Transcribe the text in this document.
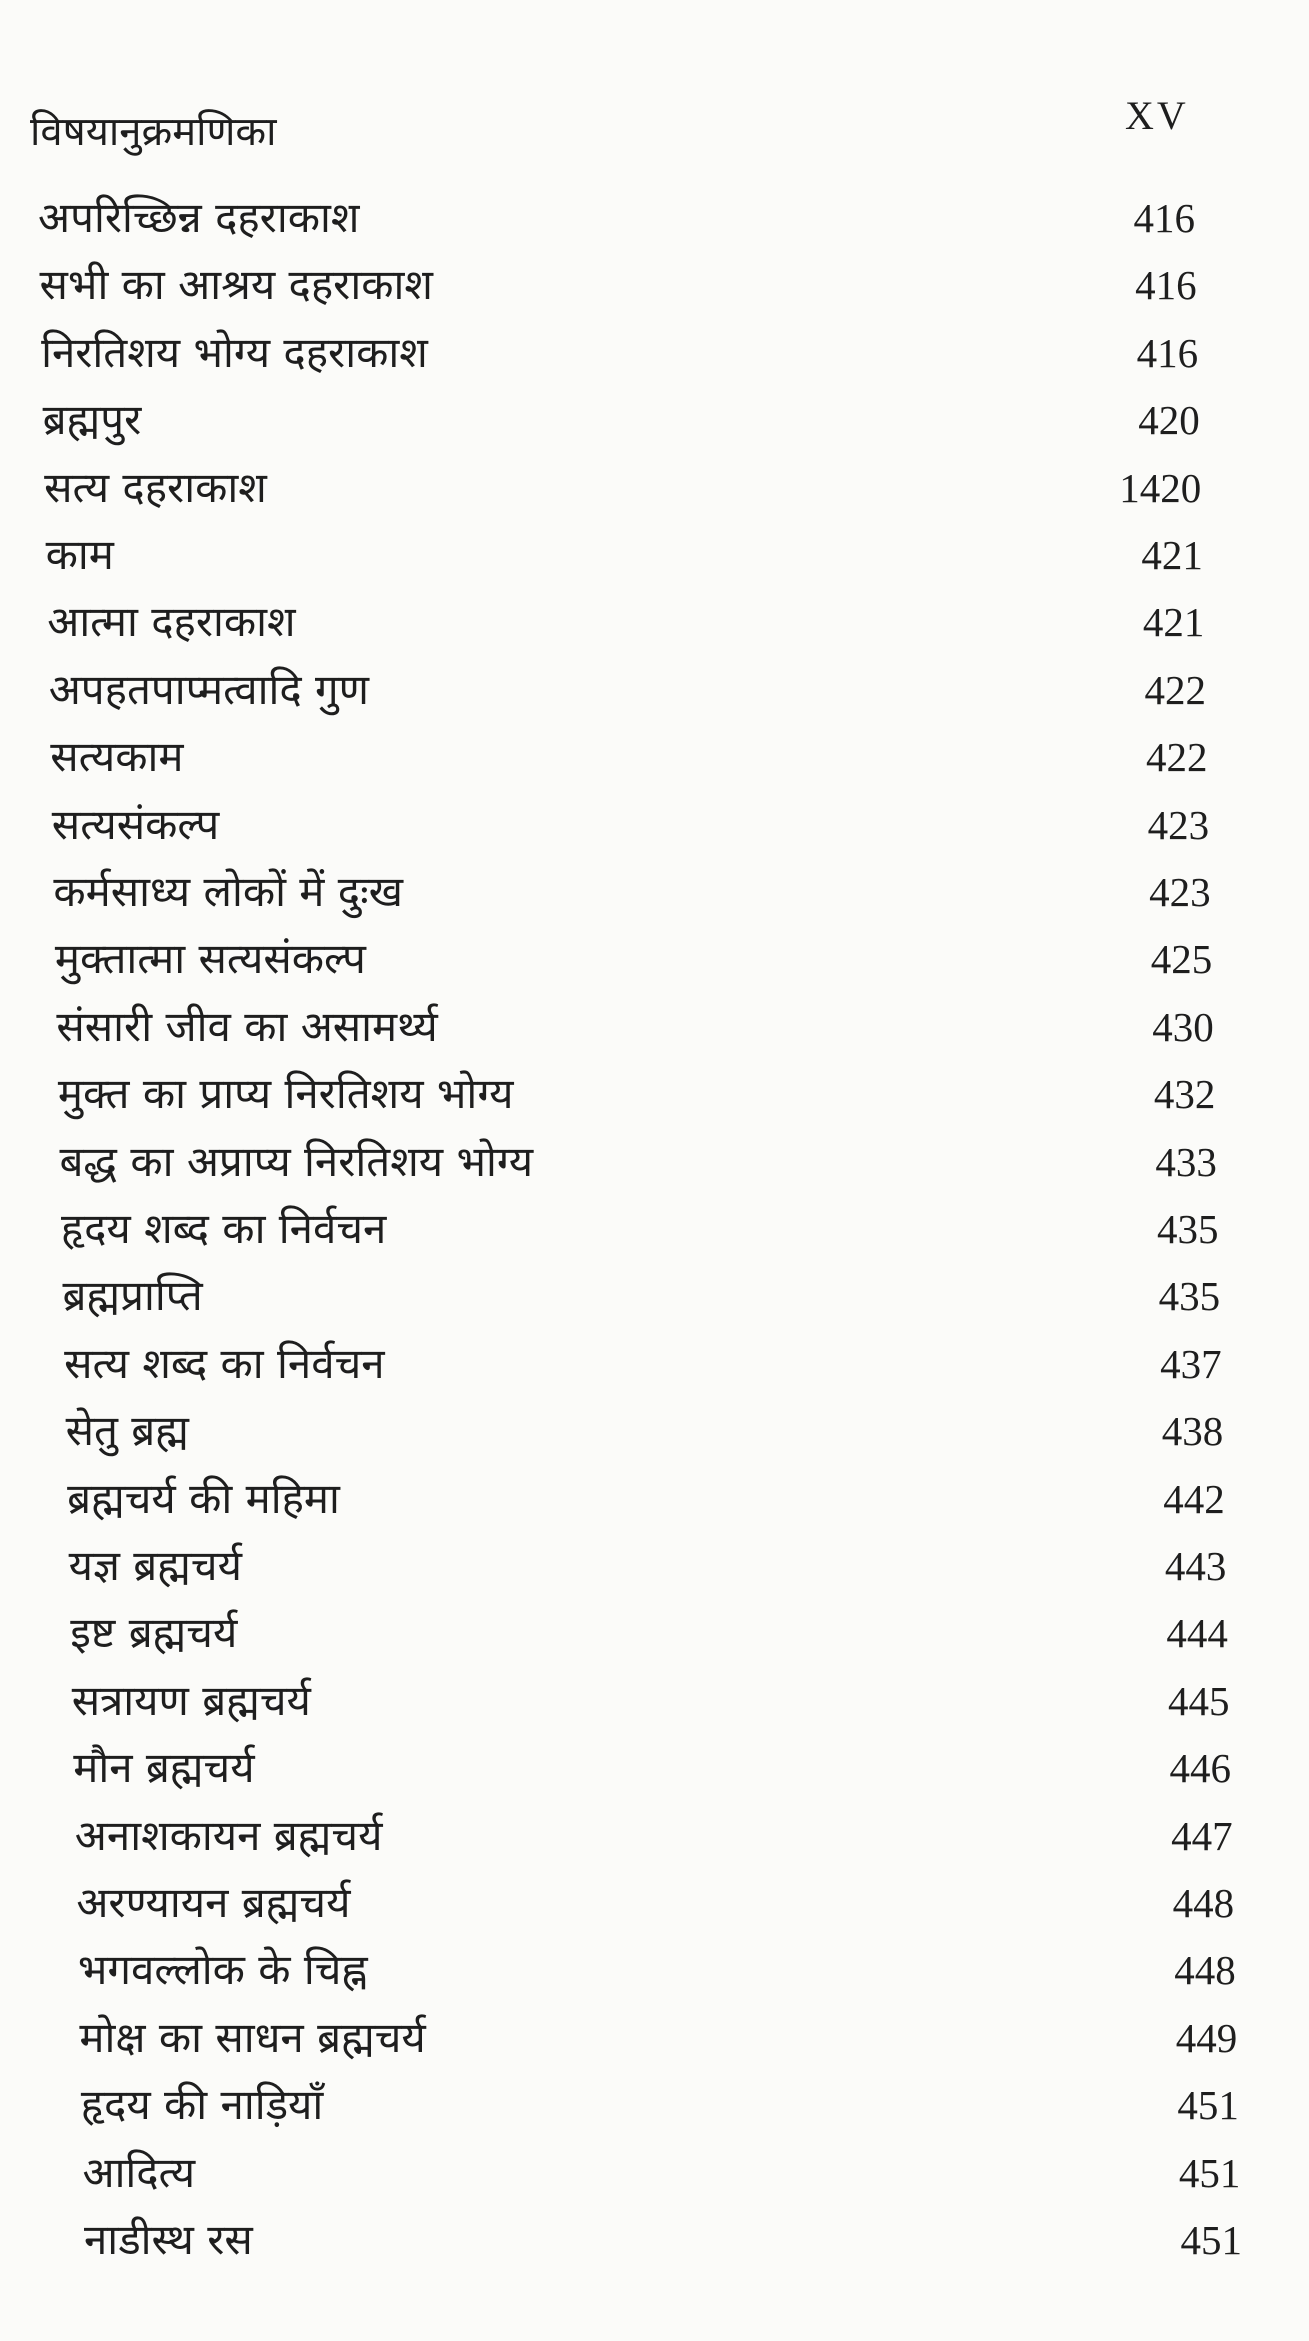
विषयानुक्रमणिका	XV
अपरिच्छिन्न दहराकाश	416
सभी का आश्रय दहराकाश	416
निरतिशय भोग्य दहराकाश	416
ब्रह्मपुर	420
सत्य दहराकाश	1420
काम	421
आत्मा दहराकाश	421
अपहतपाप्मत्वादि गुण	422
सत्यकाम	422
सत्यसंकल्प	423
कर्मसाध्य लोकों में दुःख	423
मुक्तात्मा सत्यसंकल्प	425
संसारी जीव का असामर्थ्य	430
मुक्त का प्राप्य निरतिशय भोग्य	432
बद्ध का अप्राप्य निरतिशय भोग्य	433
हृदय शब्द का निर्वचन	435
ब्रह्मप्राप्ति	435
सत्य शब्द का निर्वचन	437
सेतु ब्रह्म	438
ब्रह्मचर्य की महिमा	442
यज्ञ ब्रह्मचर्य	443
इष्ट ब्रह्मचर्य	444
सत्रायण ब्रह्मचर्य	445
मौन ब्रह्मचर्य	446
अनाशकायन ब्रह्मचर्य	447
अरण्यायन ब्रह्मचर्य	448
भगवल्लोक के चिह्न	448
मोक्ष का साधन ब्रह्मचर्य	449
हृदय की नाड़ियाँ	451
आदित्य	451
नाडीस्थ रस	451
